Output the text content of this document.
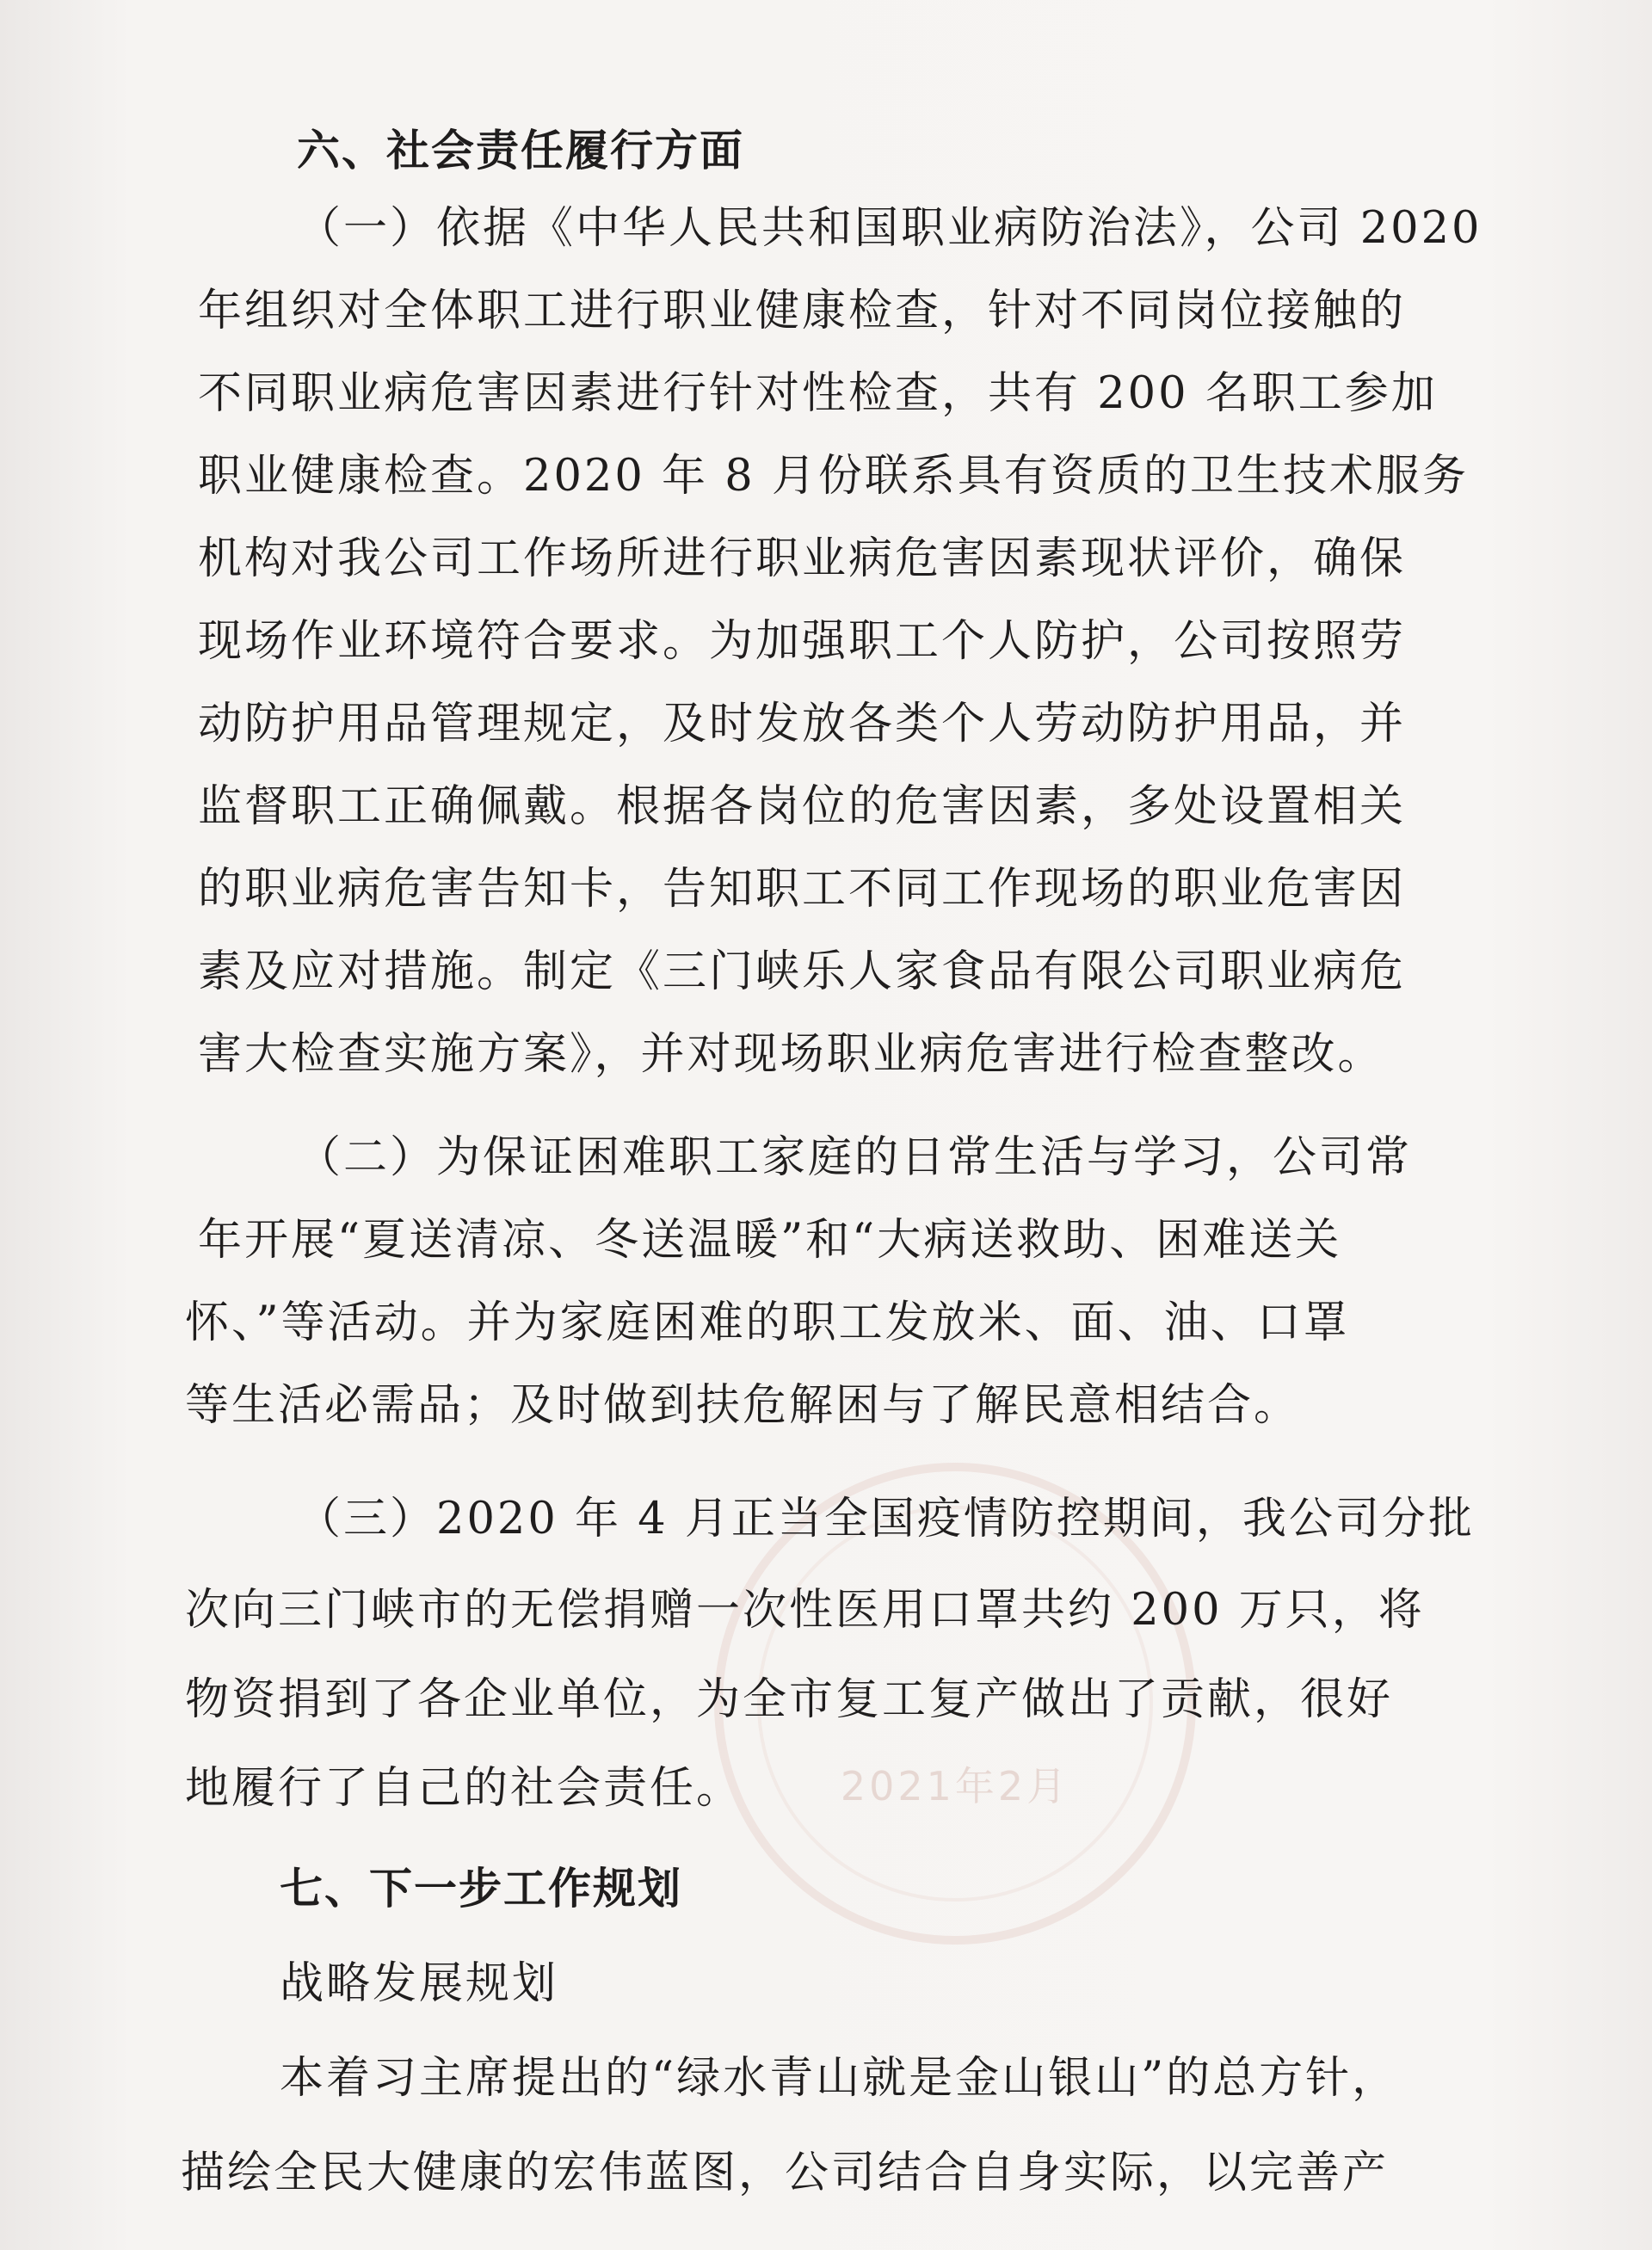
2021年2月
六、社会责任履行方面
（一）依据《中华人民共和国职业病防治法》，公司 2020
年组织对全体职工进行职业健康检查，针对不同岗位接触的
不同职业病危害因素进行针对性检查，共有 200 名职工参加
职业健康检查。2020 年 8 月份联系具有资质的卫生技术服务
机构对我公司工作场所进行职业病危害因素现状评价，确保
现场作业环境符合要求。为加强职工个人防护，公司按照劳
动防护用品管理规定，及时发放各类个人劳动防护用品，并
监督职工正确佩戴。根据各岗位的危害因素，多处设置相关
的职业病危害告知卡，告知职工不同工作现场的职业危害因
素及应对措施。制定《三门峡乐人家食品有限公司职业病危
害大检查实施方案》，并对现场职业病危害进行检查整改。
（二）为保证困难职工家庭的日常生活与学习，公司常
年开展“夏送清凉、冬送温暖”和“大病送救助、困难送关
怀、”等活动。并为家庭困难的职工发放米、面、油、口罩
等生活必需品；及时做到扶危解困与了解民意相结合。
（三）2020 年 4 月正当全国疫情防控期间，我公司分批
次向三门峡市的无偿捐赠一次性医用口罩共约 200 万只，将
物资捐到了各企业单位，为全市复工复产做出了贡献，很好
地履行了自己的社会责任。
七、下一步工作规划
战略发展规划
本着习主席提出的“绿水青山就是金山银山”的总方针，
描绘全民大健康的宏伟蓝图，公司结合自身实际，以完善产
